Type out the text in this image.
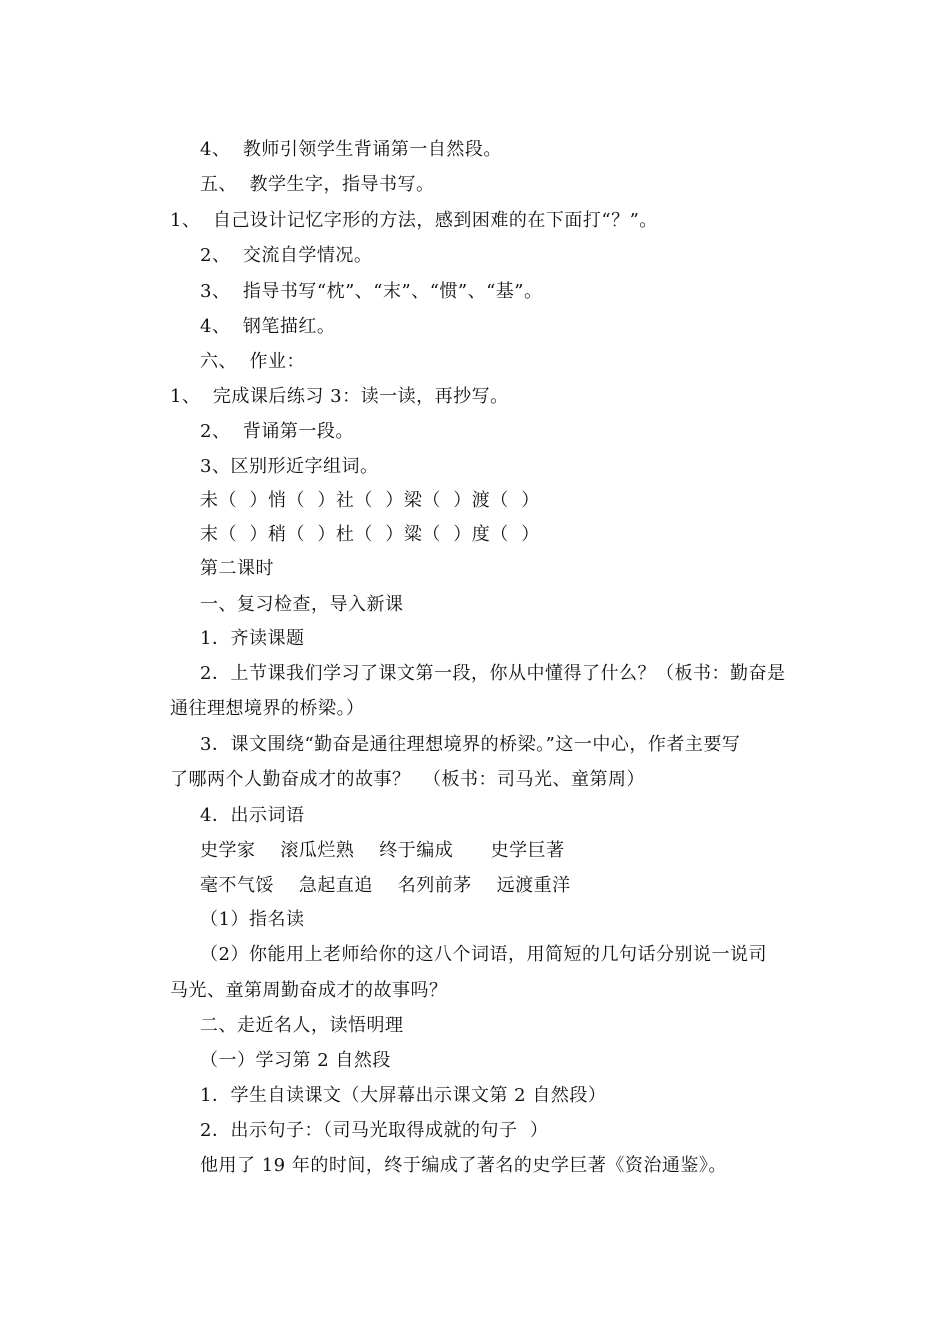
4、  教师引领学生背诵第一自然段。
五、  教学生字，指导书写。
1、  自己设计记忆字形的方法，感到困难的在下面打“？”。
2、  交流自学情况。
3、  指导书写“枕”、“末”、“惯”、“基”。
4、  钢笔描红。
六、  作业：
1、  完成课后练习 3：读一读，再抄写。
2、  背诵第一段。
3、区别形近字组词。
未（  ）悄（  ）社（  ）梁（  ）渡（  ）
末（  ）稍（  ）杜（  ）粱（  ）度（  ）
第二课时
一、复习检查，导入新课
1．齐读课题
2．上节课我们学习了课文第一段，你从中懂得了什么？（板书：勤奋是
通往理想境界的桥梁。）
3．课文围绕“勤奋是通往理想境界的桥梁。”这一中心，作者主要写
了哪两个人勤奋成才的故事？  （板书：司马光、童第周）
4．出示词语
史学家    滚瓜烂熟    终于编成      史学巨著
毫不气馁    急起直追    名列前茅    远渡重洋
（1）指名读
（2）你能用上老师给你的这八个词语，用简短的几句话分别说一说司
马光、童第周勤奋成才的故事吗？
二、走近名人，读悟明理
（一）学习第 2 自然段
1．学生自读课文（大屏幕出示课文第 2 自然段）
2．出示句子：（司马光取得成就的句子  ）
他用了 19 年的时间，终于编成了著名的史学巨著《资治通鉴》。
